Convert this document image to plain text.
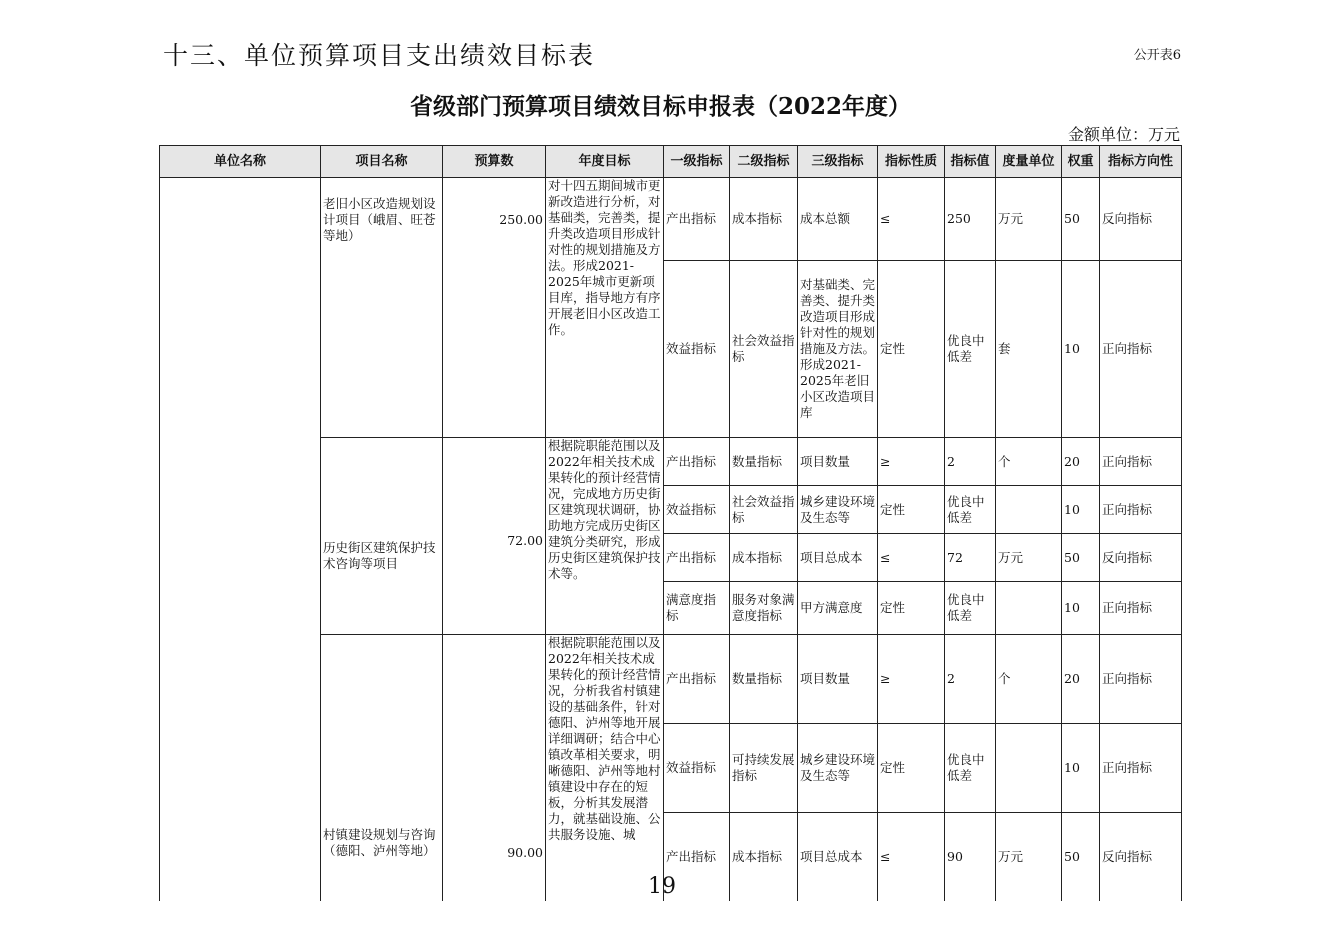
十三、单位预算项目支出绩效目标表	公开表6
省级部门预算项目绩效目标申报表（2022年度）
金额单位：万元
单位名称	项目名称	预算数	年度目标	一级指标	二级指标	三级指标	指标性质	指标值	度量单位	权重	指标方向性
	老旧小区改造规划设计项目（峨眉、旺苍等地）	250.00	对十四五期间城市更新改造进行分析，对基础类，完善类，提升类改造项目形成针对性的规划措施及方法。形成2021-2025年城市更新项目库，指导地方有序开展老旧小区改造工作。	产出指标	成本指标	成本总额	≤	250	万元	50	反向指标
				效益指标	社会效益指标	对基础类、完善类、提升类改造项目形成针对性的规划措施及方法。形成2021-2025年老旧小区改造项目库	定性	优良中低差	套	10	正向指标
	历史街区建筑保护技术咨询等项目	72.00	根据院职能范围以及2022年相关技术成果转化的预计经营情况，完成地方历史街区建筑现状调研，协助地方完成历史街区建筑分类研究，形成历史街区建筑保护技术等。	产出指标	数量指标	项目数量	≥	2	个	20	正向指标
				效益指标	社会效益指标	城乡建设环境及生态等	定性	优良中低差		10	正向指标
				产出指标	成本指标	项目总成本	≤	72	万元	50	反向指标
				满意度指标	服务对象满意度指标	甲方满意度	定性	优良中低差		10	正向指标
	村镇建设规划与咨询（德阳、泸州等地）	90.00	根据院职能范围以及2022年相关技术成果转化的预计经营情况，分析我省村镇建设的基础条件，针对德阳、泸州等地开展详细调研；结合中心镇改革相关要求，明晰德阳、泸州等地村镇建设中存在的短板，分析其发展潜力，就基础设施、公共服务设施、城	产出指标	数量指标	项目数量	≥	2	个	20	正向指标
				效益指标	可持续发展指标	城乡建设环境及生态等	定性	优良中低差		10	正向指标
				产出指标	成本指标	项目总成本	≤	90	万元	50	反向指标
19
